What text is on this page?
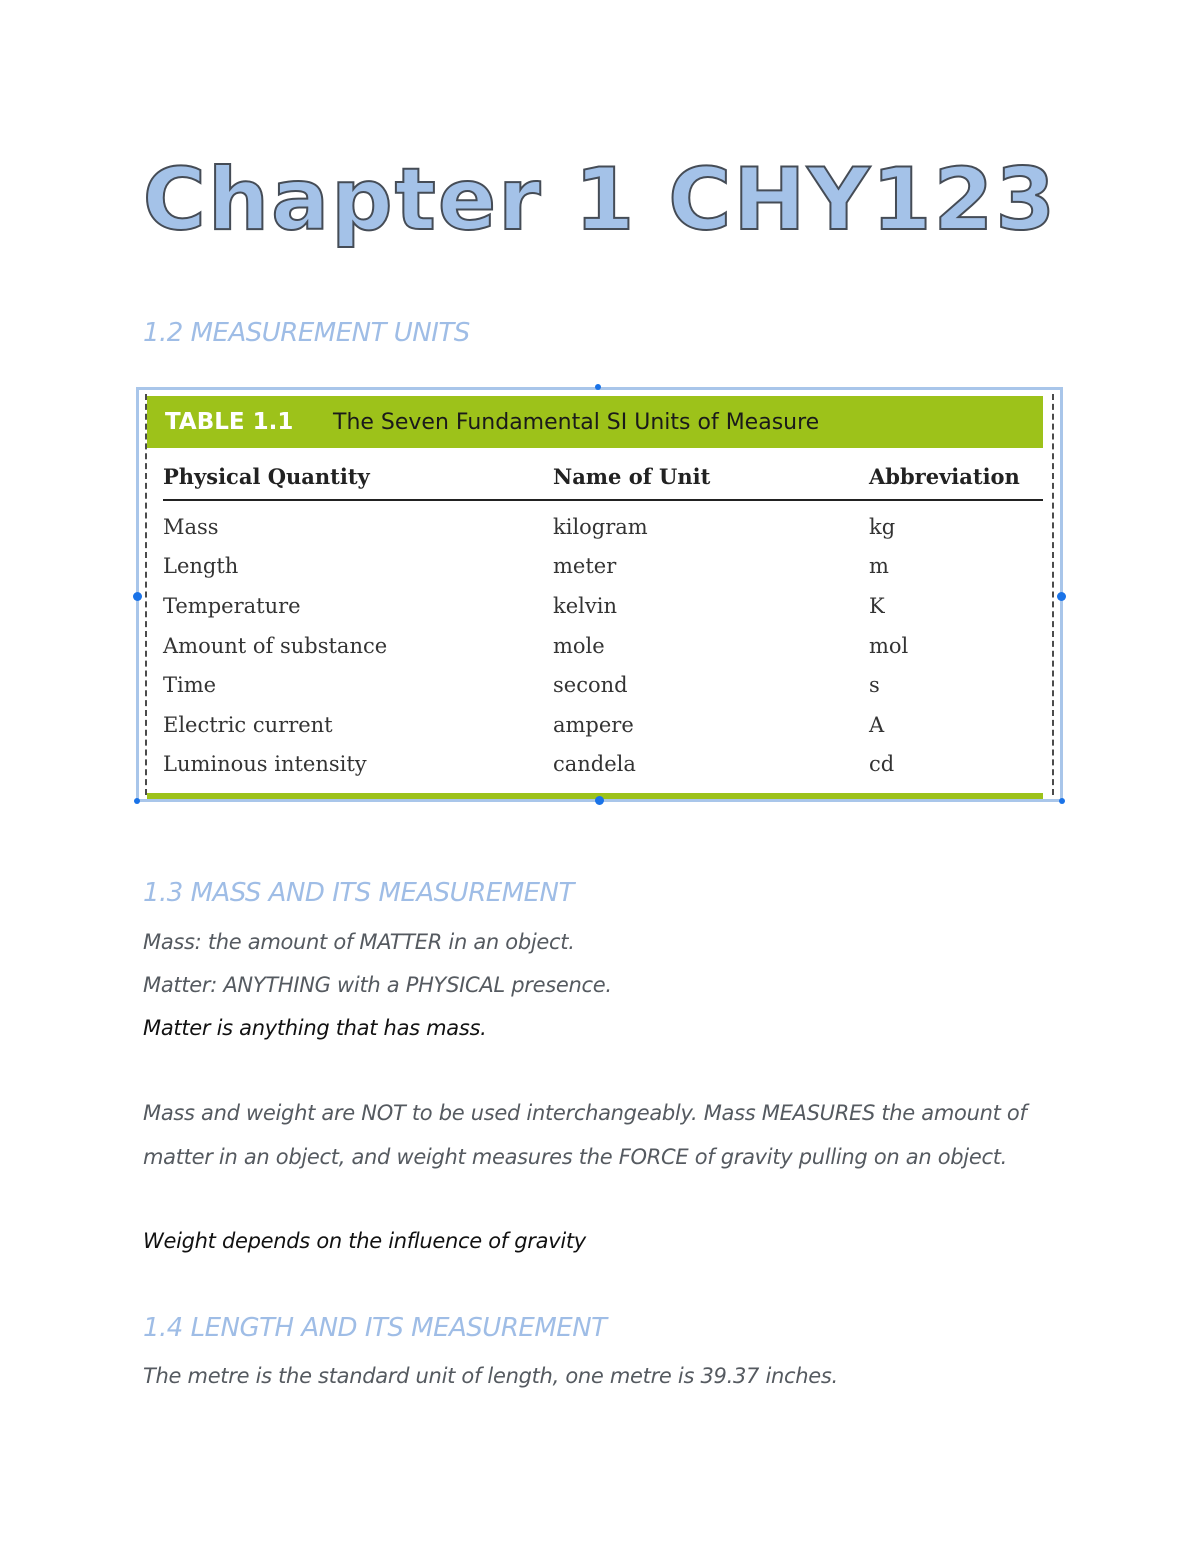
Chapter 1 CHY123
1.2 MEASUREMENT UNITS
TABLE 1.1	The Seven Fundamental SI Units of Measure
Physical Quantity	Name of Unit	Abbreviation
Mass	kilogram	kg
Length	meter	m
Temperature	kelvin	K
Amount of substance	mole	mol
Time	second	s
Electric current	ampere	A
Luminous intensity	candela	cd
1.3 MASS AND ITS MEASUREMENT

Mass: the amount of MATTER in an object.

Matter: ANYTHING with a PHYSICAL presence.

Matter is anything that has mass.

Mass and weight are NOT to be used interchangeably. Mass MEASURES the amount of matter in an object, and weight measures the FORCE of gravity pulling on an object.

Weight depends on the influence of gravity

1.4 LENGTH AND ITS MEASUREMENT

The metre is the standard unit of length, one metre is 39.37 inches.
